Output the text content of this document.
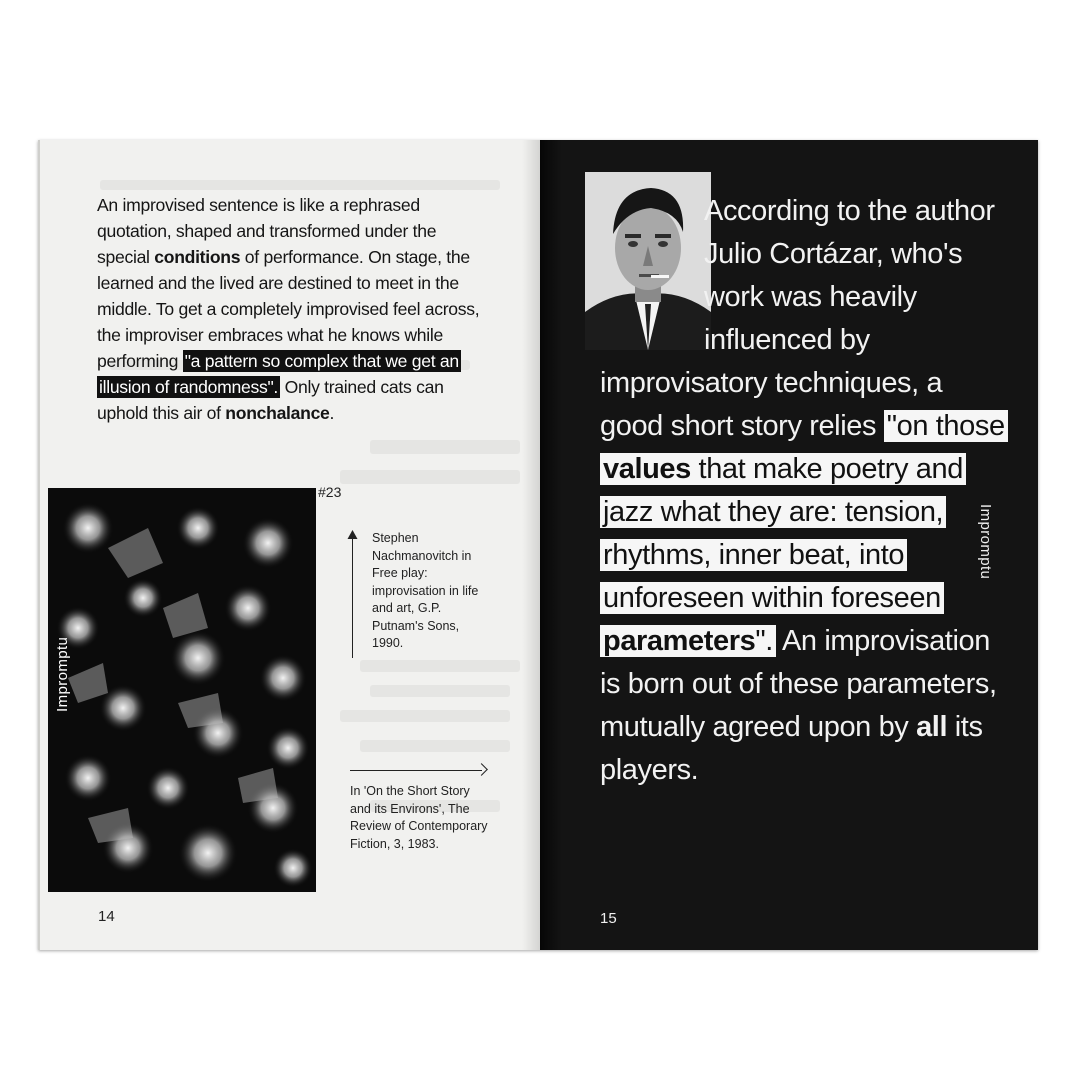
An improvised sentence is like a rephrased quotation, shaped and transformed under the special conditions of performance. On stage, the learned and the lived are destined to meet in the middle. To get a completely improvised feel across, the improviser embraces what he knows while performing "a pattern so complex that we get an illusion of randomness". Only trained cats can uphold this air of nonchalance.
Impromptu
#23
Stephen Nachmanovitch in Free play: improvisation in life and art, G.P. Putnam's Sons, 1990.
In 'On the Short Story and its Environs', The Review of Contemporary Fiction, 3, 1983.
14
According to the author Julio Cortázar, who's work was heavily influenced by improvisatory techniques, a good short story relies "on those values that make poetry and jazz what they are: tension, rhythms, inner beat, into unforeseen within foreseen parameters". An improvisation is born out of these parameters, mutually agreed upon by all its players.
Impromptu
15
